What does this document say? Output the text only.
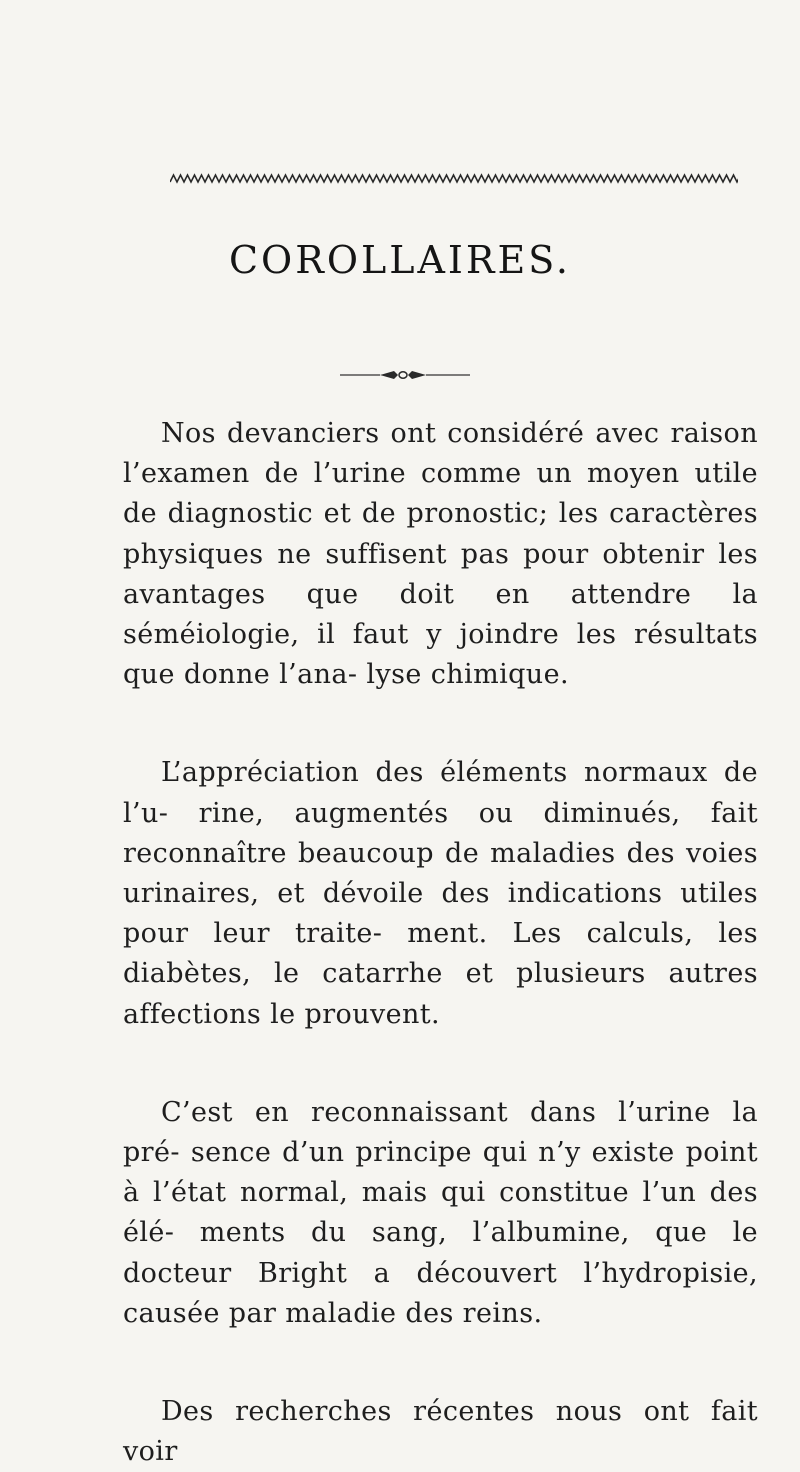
COROLLAIRES.

Nos devanciers ont considéré avec raison l’examen de l’urine comme un moyen utile de diagnostic et de pronostic; les caractères physiques ne suffisent pas pour obtenir les avantages que doit en attendre la séméiologie, il faut y joindre les résultats que donne l’ana- lyse chimique.

L’appréciation des éléments normaux de l’u- rine, augmentés ou diminués, fait reconnaître beaucoup de maladies des voies urinaires, et dévoile des indications utiles pour leur traite- ment. Les calculs, les diabètes, le catarrhe et plusieurs autres affections le prouvent.

C’est en reconnaissant dans l’urine la pré- sence d’un principe qui n’y existe point à l’état normal, mais qui constitue l’un des élé- ments du sang, l’albumine, que le docteur Bright a découvert l’hydropisie, causée par maladie des reins.

Des recherches récentes nous ont fait voir
